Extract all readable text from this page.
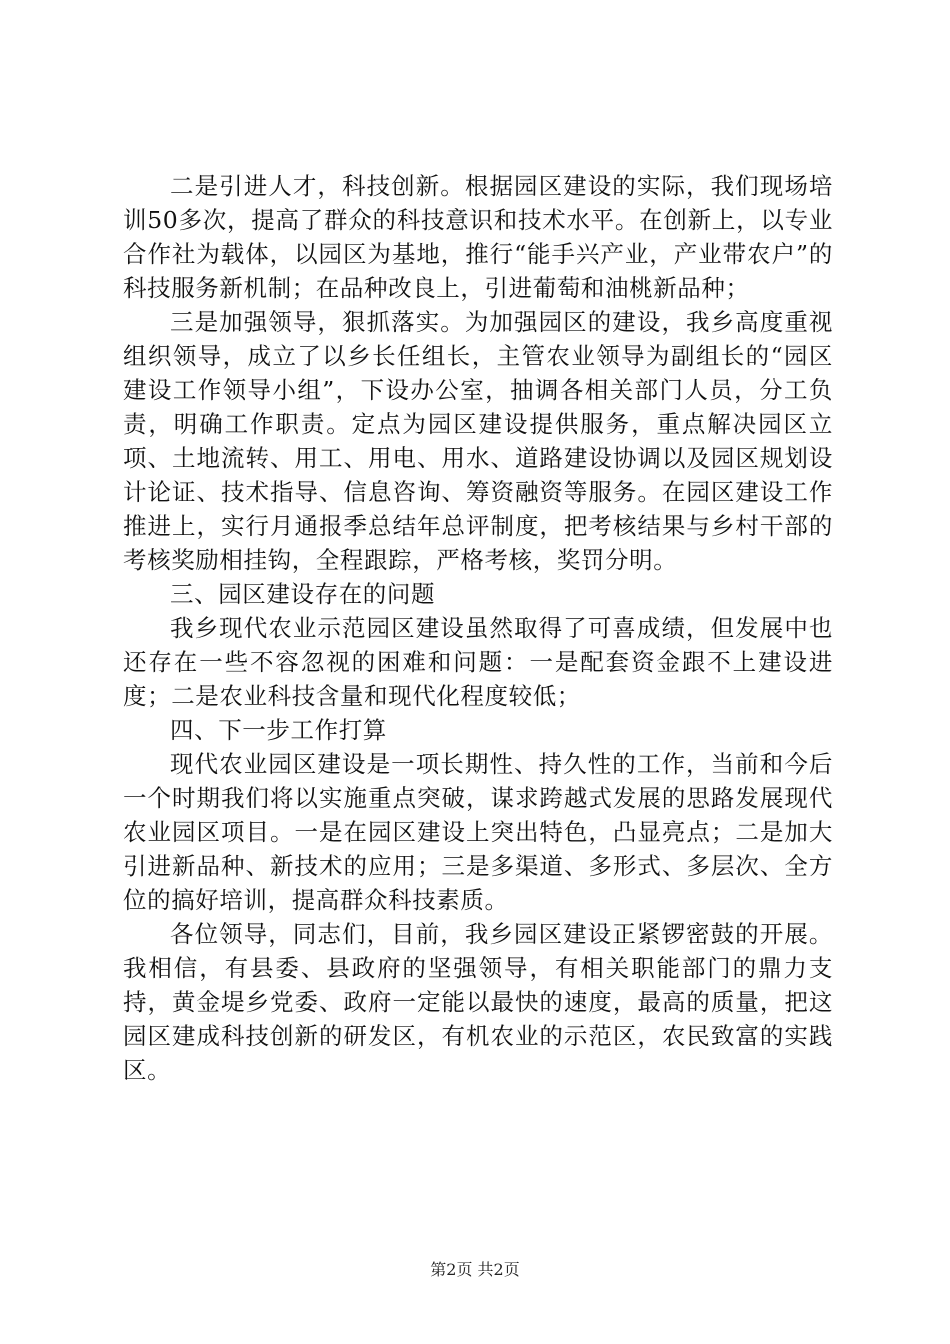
二是引进人才，科技创新。根据园区建设的实际，我们现场培训50多次，提高了群众的科技意识和技术水平。在创新上，以专业合作社为载体，以园区为基地，推行“能手兴产业，产业带农户”的科技服务新机制；在品种改良上，引进葡萄和油桃新品种；

三是加强领导，狠抓落实。为加强园区的建设，我乡高度重视组织领导，成立了以乡长任组长，主管农业领导为副组长的“园区建设工作领导小组”，下设办公室，抽调各相关部门人员，分工负责，明确工作职责。定点为园区建设提供服务，重点解决园区立项、土地流转、用工、用电、用水、道路建设协调以及园区规划设计论证、技术指导、信息咨询、筹资融资等服务。在园区建设工作推进上，实行月通报季总结年总评制度，把考核结果与乡村干部的考核奖励相挂钩，全程跟踪，严格考核，奖罚分明。

三、园区建设存在的问题

我乡现代农业示范园区建设虽然取得了可喜成绩，但发展中也还存在一些不容忽视的困难和问题：一是配套资金跟不上建设进度；二是农业科技含量和现代化程度较低；

四、下一步工作打算

现代农业园区建设是一项长期性、持久性的工作，当前和今后一个时期我们将以实施重点突破，谋求跨越式发展的思路发展现代农业园区项目。一是在园区建设上突出特色，凸显亮点；二是加大引进新品种、新技术的应用；三是多渠道、多形式、多层次、全方位的搞好培训，提高群众科技素质。

各位领导，同志们，目前，我乡园区建设正紧锣密鼓的开展。我相信，有县委、县政府的坚强领导，有相关职能部门的鼎力支持，黄金堤乡党委、政府一定能以最快的速度，最高的质量，把这园区建成科技创新的研发区，有机农业的示范区，农民致富的实践区。

第2页 共2页
